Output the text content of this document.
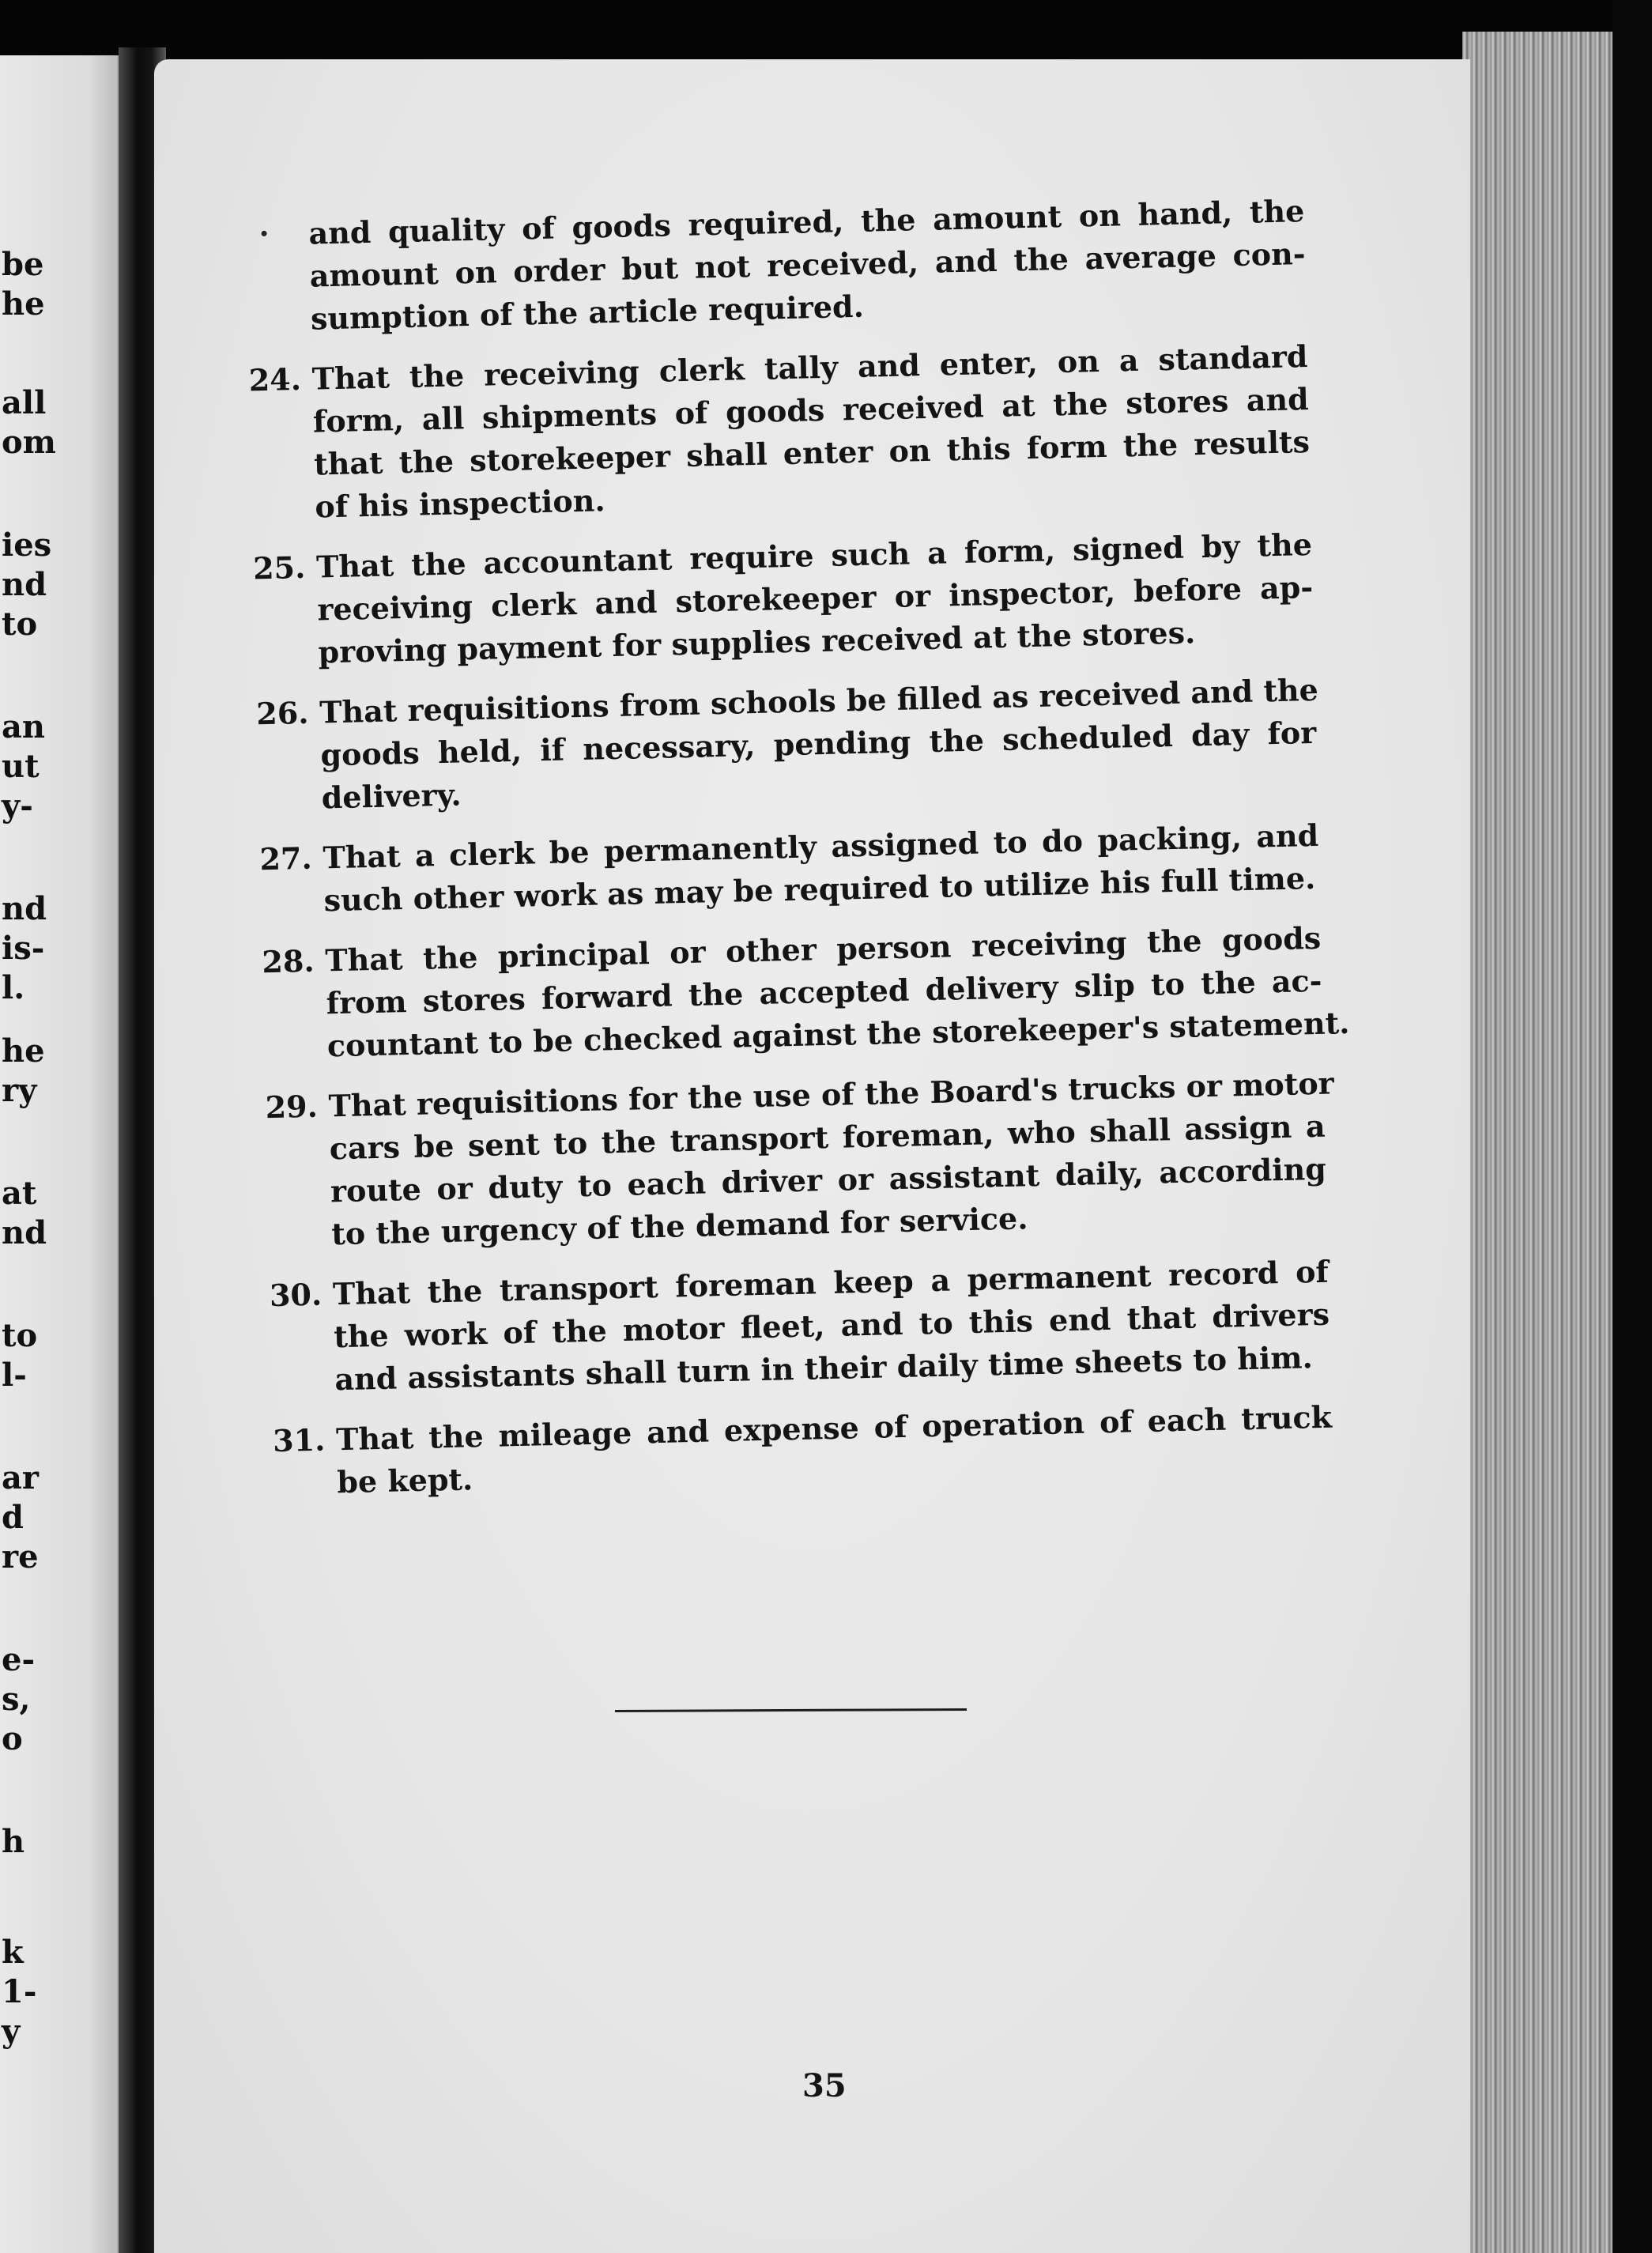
be
he
all
om
ies
nd
to
an
ut
y-
nd
is-
l.
he
ry
at
nd
to
l-
ar
d
re
e-
s,
o
h
k
1-
y
and quality of goods required, the amount on hand, the
amount on order but not received, and the average con-
sumption of the article required.
24. That the receiving clerk tally and enter, on a standard
form, all shipments of goods received at the stores and
that the storekeeper shall enter on this form the results
of his inspection.
25. That the accountant require such a form, signed by the
receiving clerk and storekeeper or inspector, before ap-
proving payment for supplies received at the stores.
26. That requisitions from schools be filled as received and the
goods held, if necessary, pending the scheduled day for
delivery.
27. That a clerk be permanently assigned to do packing, and
such other work as may be required to utilize his full time.
28. That the principal or other person receiving the goods
from stores forward the accepted delivery slip to the ac-
countant to be checked against the storekeeper's statement.
29. That requisitions for the use of the Board's trucks or motor
cars be sent to the transport foreman, who shall assign a
route or duty to each driver or assistant daily, according
to the urgency of the demand for service.
30. That the transport foreman keep a permanent record of
the work of the motor fleet, and to this end that drivers
and assistants shall turn in their daily time sheets to him.
31. That the mileage and expense of operation of each truck
be kept.
35
